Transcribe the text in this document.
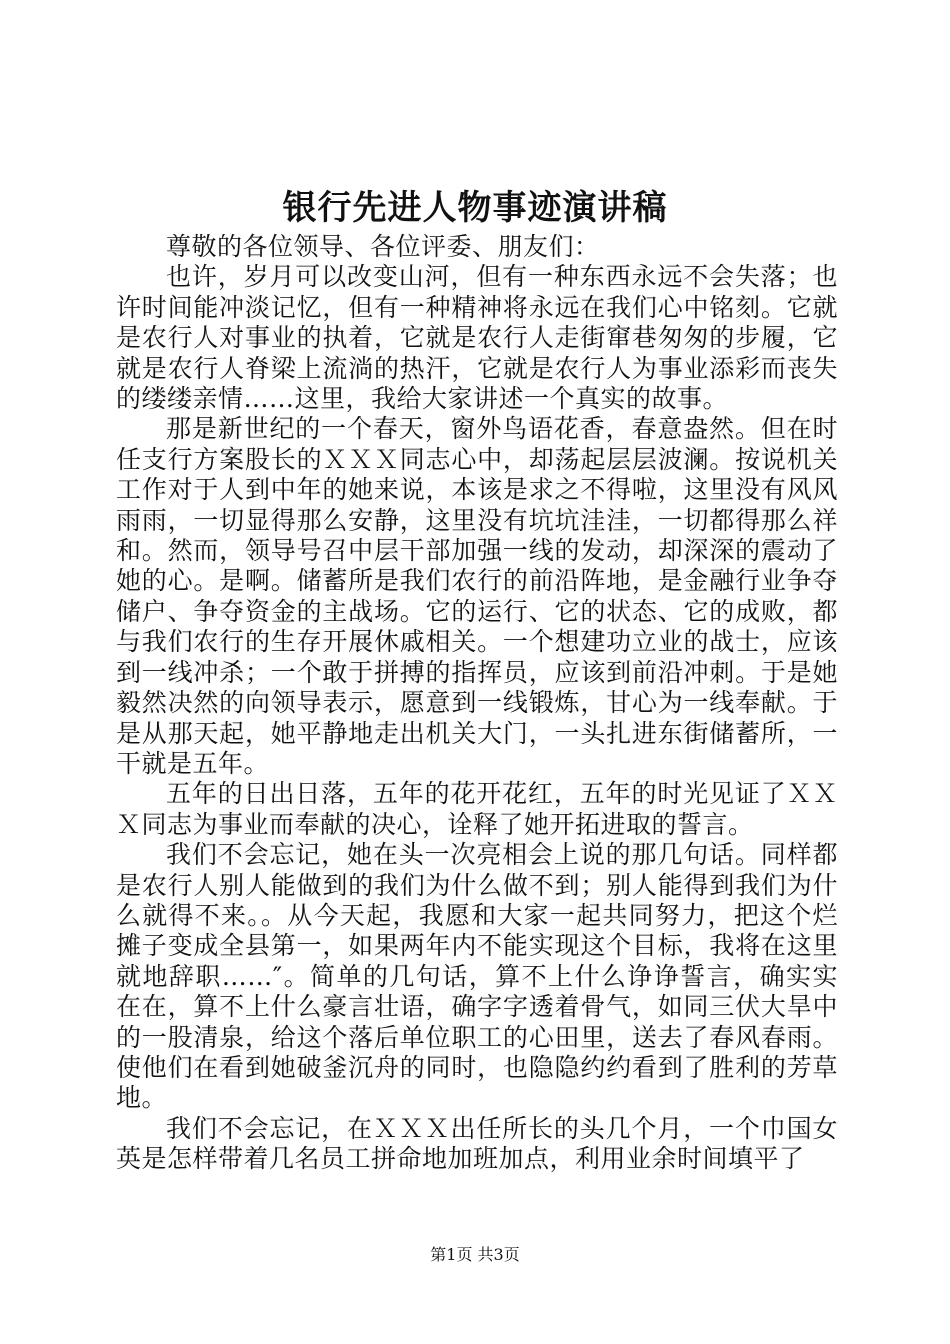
银行先进人物事迹演讲稿

尊敬的各位领导、各位评委、朋友们：

也许，岁月可以改变山河，但有一种东西永远不会失落；也许时间能冲淡记忆，但有一种精神将永远在我们心中铭刻。它就是农行人对事业的执着，它就是农行人走街窜巷匆匆的步履，它就是农行人脊梁上流淌的热汗，它就是农行人为事业添彩而丧失的缕缕亲情……这里，我给大家讲述一个真实的故事。

那是新世纪的一个春天，窗外鸟语花香，春意盎然。但在时任支行方案股长的ＸＸＸ同志心中，却荡起层层波澜。按说机关工作对于人到中年的她来说，本该是求之不得啦，这里没有风风雨雨，一切显得那么安静，这里没有坑坑洼洼，一切都得那么祥和。然而，领导号召中层干部加强一线的发动，却深深的震动了她的心。是啊。储蓄所是我们农行的前沿阵地，是金融行业争夺储户、争夺资金的主战场。它的运行、它的状态、它的成败，都与我们农行的生存开展休戚相关。一个想建功立业的战士，应该到一线冲杀；一个敢于拼搏的指挥员，应该到前沿冲刺。于是她毅然决然的向领导表示，愿意到一线锻炼，甘心为一线奉献。于是从那天起，她平静地走出机关大门，一头扎进东街储蓄所，一干就是五年。

五年的日出日落，五年的花开花红，五年的时光见证了ＸＸＸ同志为事业而奉献的决心，诠释了她开拓进取的誓言。

我们不会忘记，她在头一次亮相会上说的那几句话。同样都是农行人别人能做到的我们为什么做不到；别人能得到我们为什么就得不来。。从今天起，我愿和大家一起共同努力，把这个烂摊子变成全县第一，如果两年内不能实现这个目标，我将在这里就地辞职……″。简单的几句话，算不上什么诤诤誓言，确实实在在，算不上什么豪言壮语，确字字透着骨气，如同三伏大旱中的一股清泉，给这个落后单位职工的心田里，送去了春风春雨。使他们在看到她破釜沉舟的同时，也隐隐约约看到了胜利的芳草地。

我们不会忘记，在ＸＸＸ出任所长的头几个月，一个巾国女英是怎样带着几名员工拼命地加班加点，利用业余时间填平了

第1页 共3页
